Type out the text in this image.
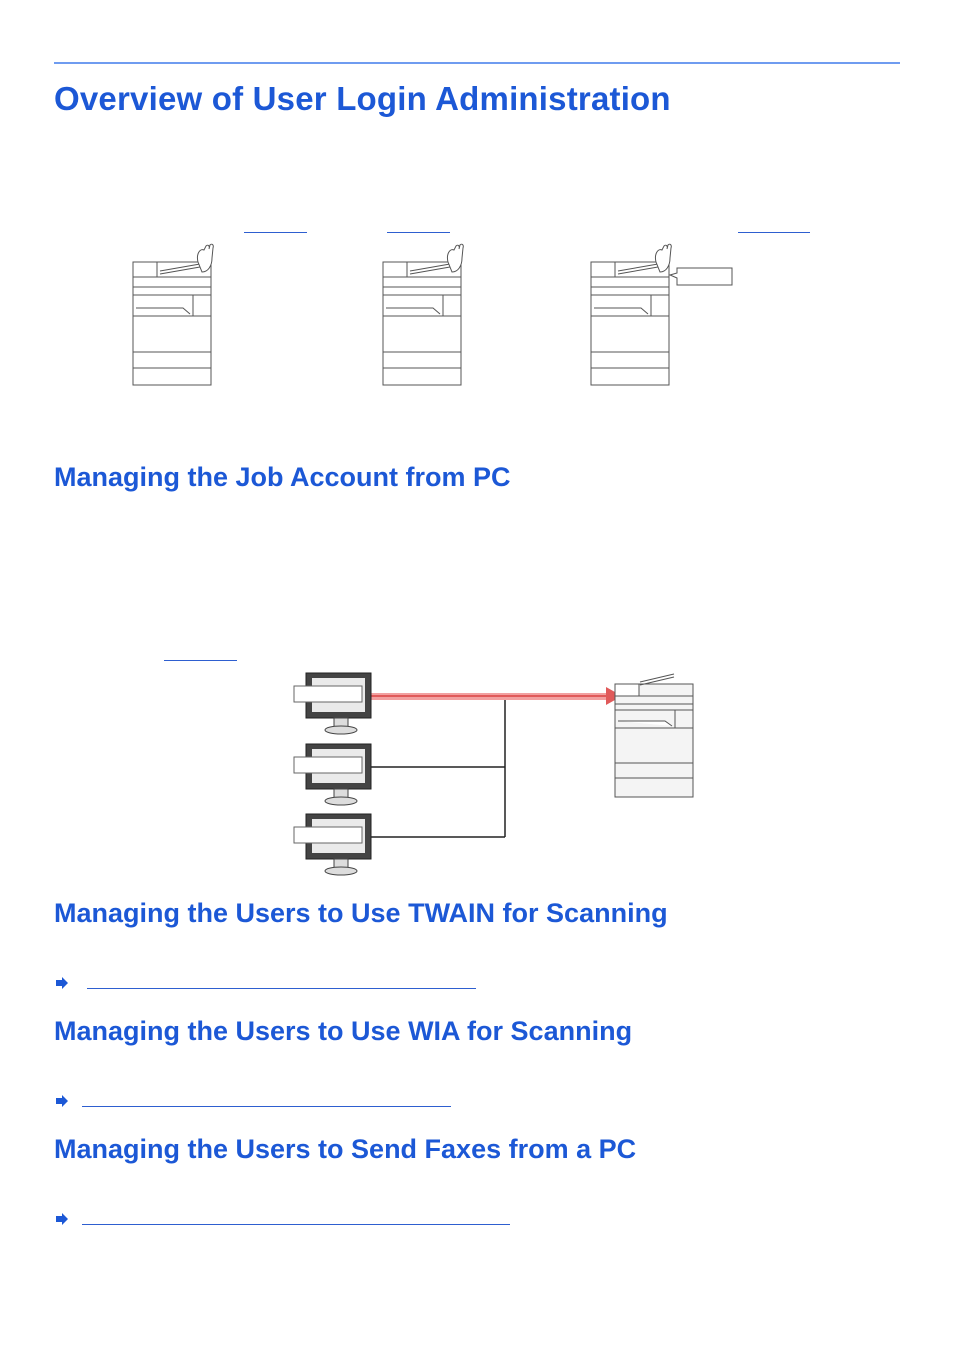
Overview of User Login Administration
Managing the Job Account from PC
Managing the Users to Use TWAIN for Scanning
Managing the Users to Use WIA for Scanning
Managing the Users to Send Faxes from a PC
